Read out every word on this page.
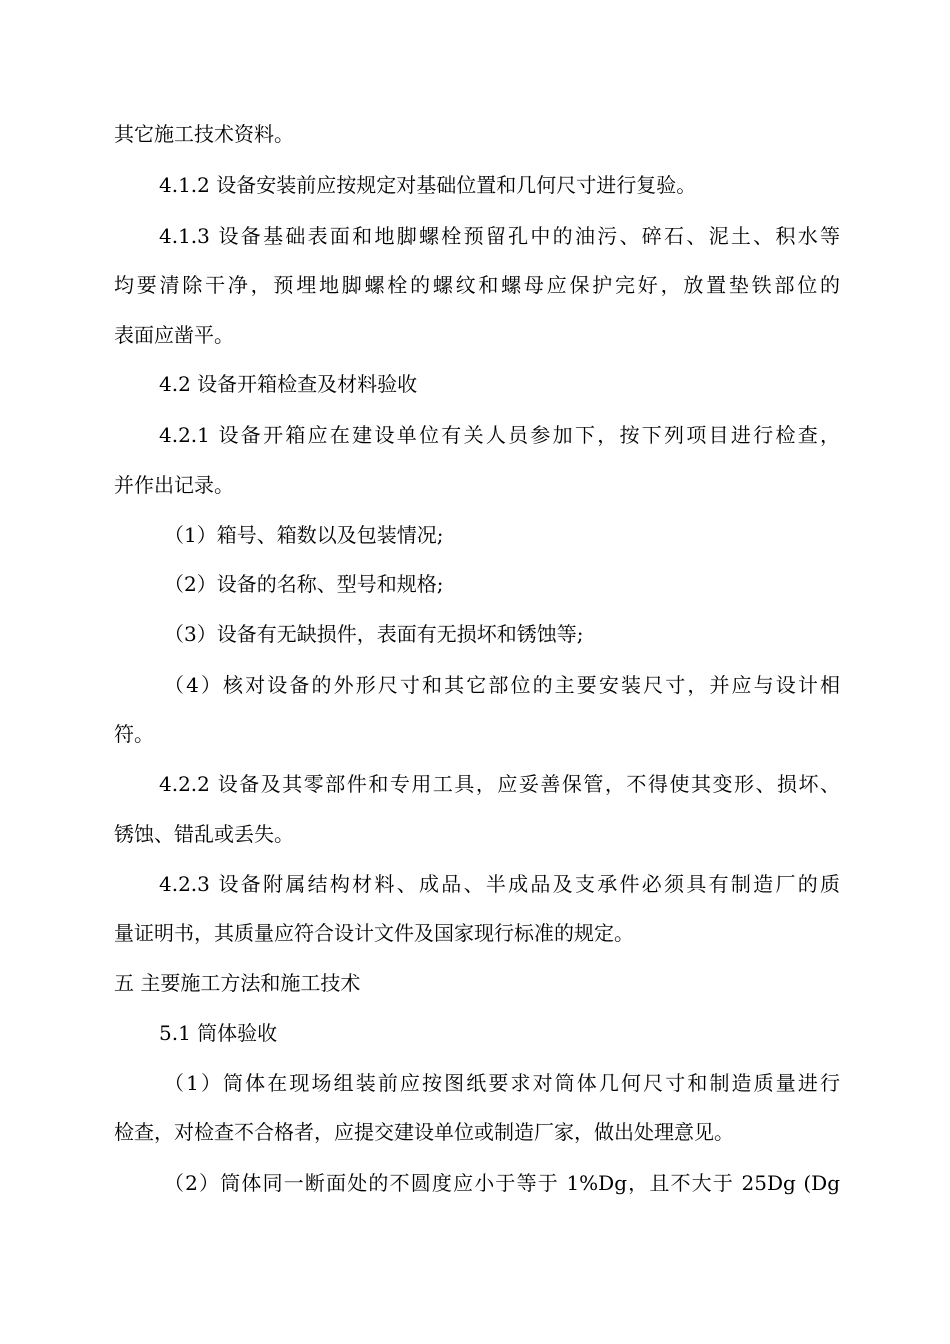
其它施工技术资料。
4.1.2 设备安装前应按规定对基础位置和几何尺寸进行复验。
4.1.3 设备基础表面和地脚螺栓预留孔中的油污、碎石、泥土、积水等
均要清除干净，预埋地脚螺栓的螺纹和螺母应保护完好，放置垫铁部位的
表面应凿平。
4.2 设备开箱检查及材料验收
4.2.1 设备开箱应在建设单位有关人员参加下，按下列项目进行检查，
并作出记录。
（1）箱号、箱数以及包装情况;
（2）设备的名称、型号和规格;
（3）设备有无缺损件，表面有无损坏和锈蚀等;
（4）核对设备的外形尺寸和其它部位的主要安装尺寸，并应与设计相
符。
4.2.2 设备及其零部件和专用工具，应妥善保管，不得使其变形、损坏、
锈蚀、错乱或丢失。
4.2.3 设备附属结构材料、成品、半成品及支承件必须具有制造厂的质
量证明书，其质量应符合设计文件及国家现行标准的规定。
五 主要施工方法和施工技术
5.1 筒体验收
（1）筒体在现场组装前应按图纸要求对筒体几何尺寸和制造质量进行
检查，对检查不合格者，应提交建设单位或制造厂家，做出处理意见。
（2）筒体同一断面处的不圆度应小于等于 1%Dg，且不大于 25Dg (Dg
